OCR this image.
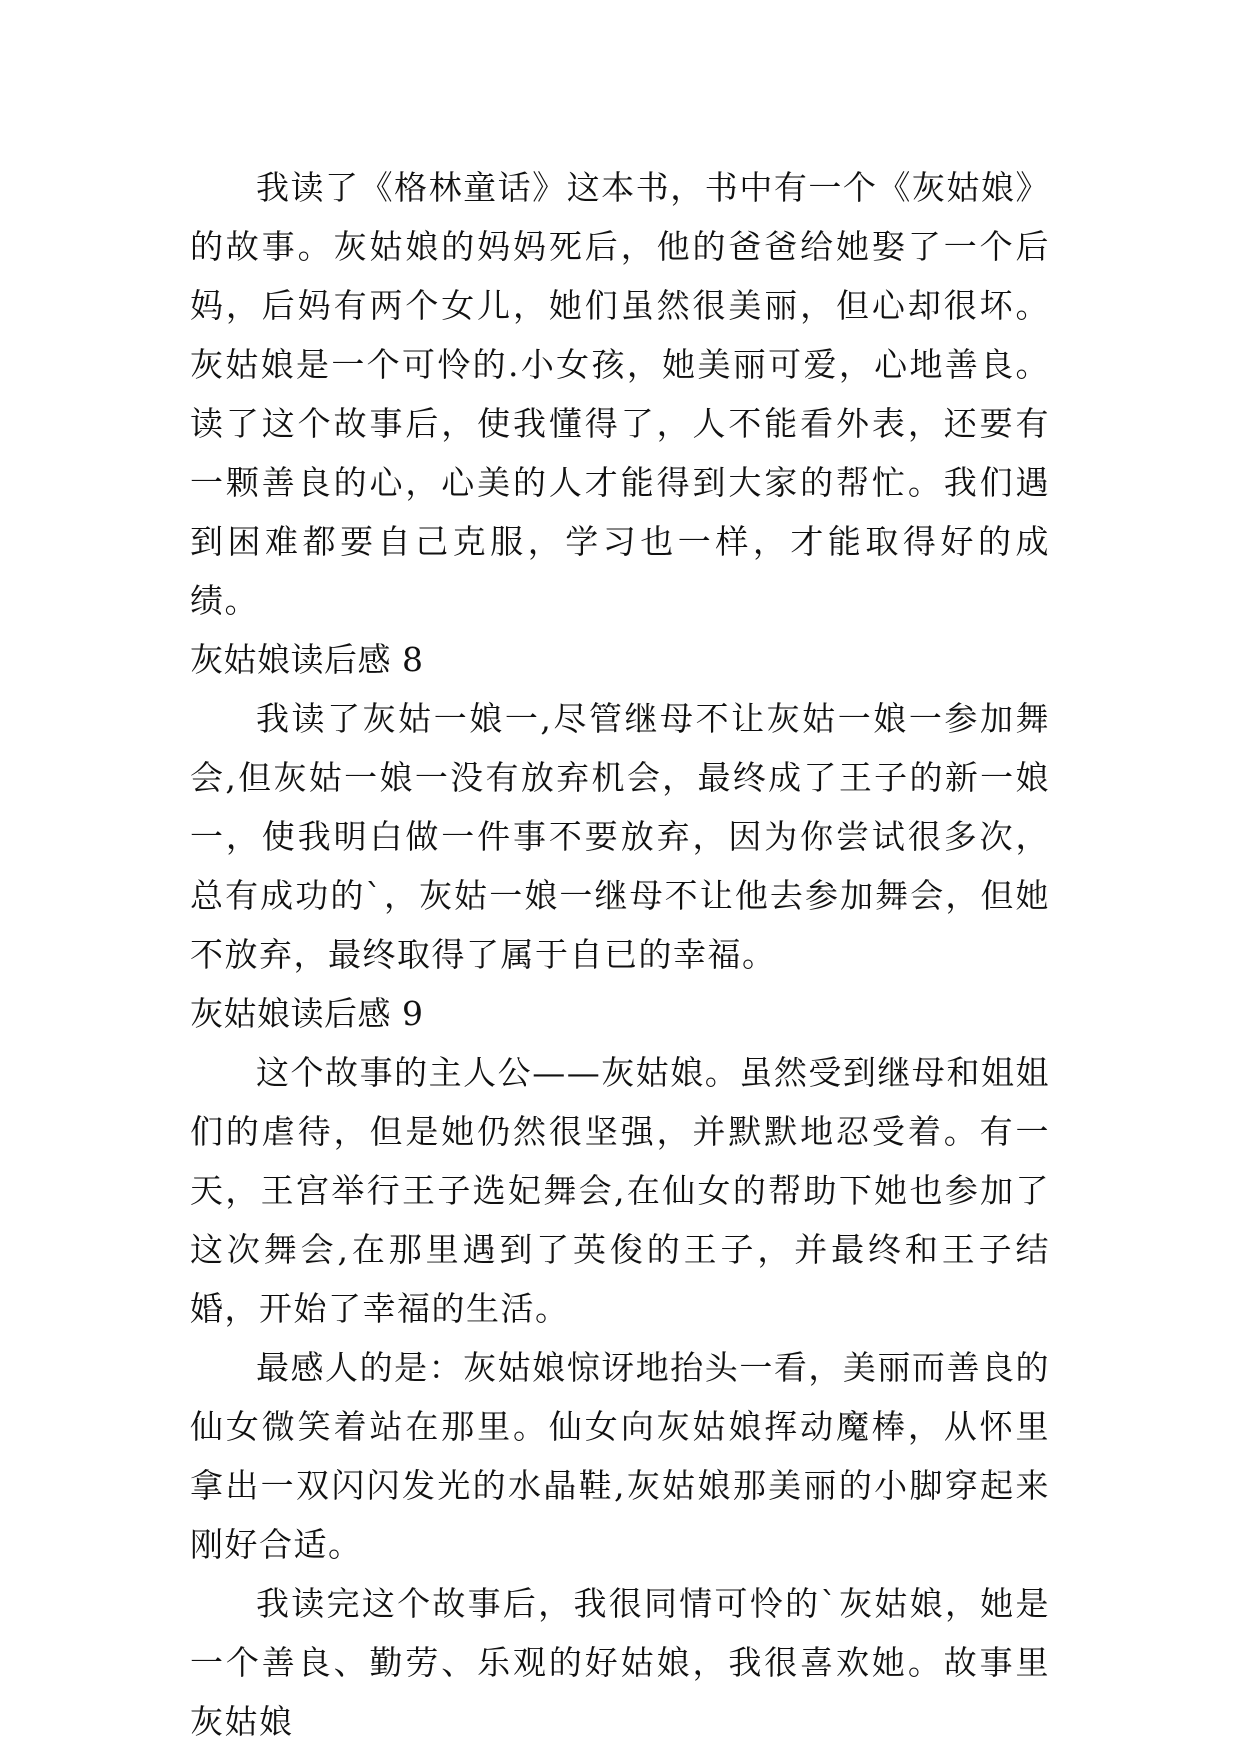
我读了《格林童话》这本书，书中有一个《灰姑娘》的故事。灰姑娘的妈妈死后，他的爸爸给她娶了一个后妈，后妈有两个女儿，她们虽然很美丽，但心却很坏。灰姑娘是一个可怜的.小女孩，她美丽可爱，心地善良。读了这个故事后，使我懂得了，人不能看外表，还要有一颗善良的心，心美的人才能得到大家的帮忙。我们遇到困难都要自己克服，学习也一样，才能取得好的成绩。

灰姑娘读后感 8

我读了灰姑一娘一,尽管继母不让灰姑一娘一参加舞会,但灰姑一娘一没有放弃机会，最终成了王子的新一娘一，使我明白做一件事不要放弃，因为你尝试很多次，总有成功的`，灰姑一娘一继母不让他去参加舞会，但她不放弃，最终取得了属于自已的幸福。

灰姑娘读后感 9

这个故事的主人公——灰姑娘。虽然受到继母和姐姐们的虐待，但是她仍然很坚强，并默默地忍受着。有一天，王宫举行王子选妃舞会,在仙女的帮助下她也参加了这次舞会,在那里遇到了英俊的王子，并最终和王子结婚，开始了幸福的生活。

最感人的是：灰姑娘惊讶地抬头一看，美丽而善良的仙女微笑着站在那里。仙女向灰姑娘挥动魔棒，从怀里拿出一双闪闪发光的水晶鞋,灰姑娘那美丽的小脚穿起来刚好合适。

我读完这个故事后，我很同情可怜的`灰姑娘，她是一个善良、勤劳、乐观的好姑娘，我很喜欢她。故事里灰姑娘
